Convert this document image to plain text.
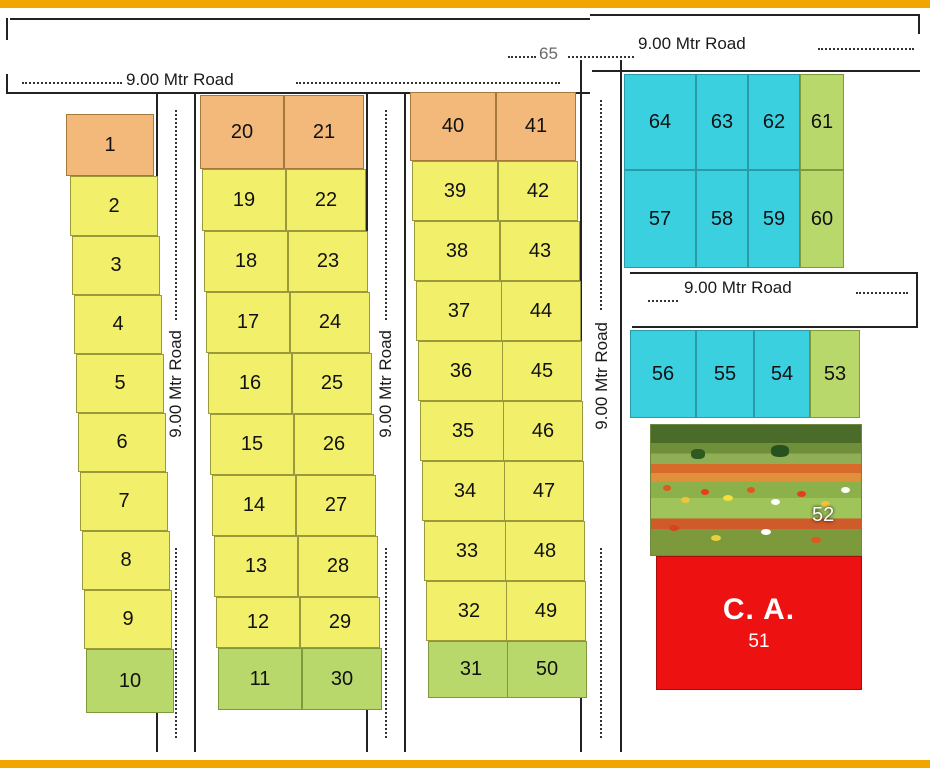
9.00 Mtr Road
65
9.00 Mtr Road
9.00 Mtr Road
9.00 Mtr Road	9.00 Mtr Road	9.00 Mtr Road
1
2
3
4
5
6
7
8
9
10
20
19
18
17
16
15
14
13
12
11
21
22
23
24
25
26
27
28
29
30
40
39
38
37
36
35
34
33
32
31
41
42
43
44
45
46
47
48
49
50
64	63	62	61
57	58	59	60
56	55	54	53
52
C. A.
51
